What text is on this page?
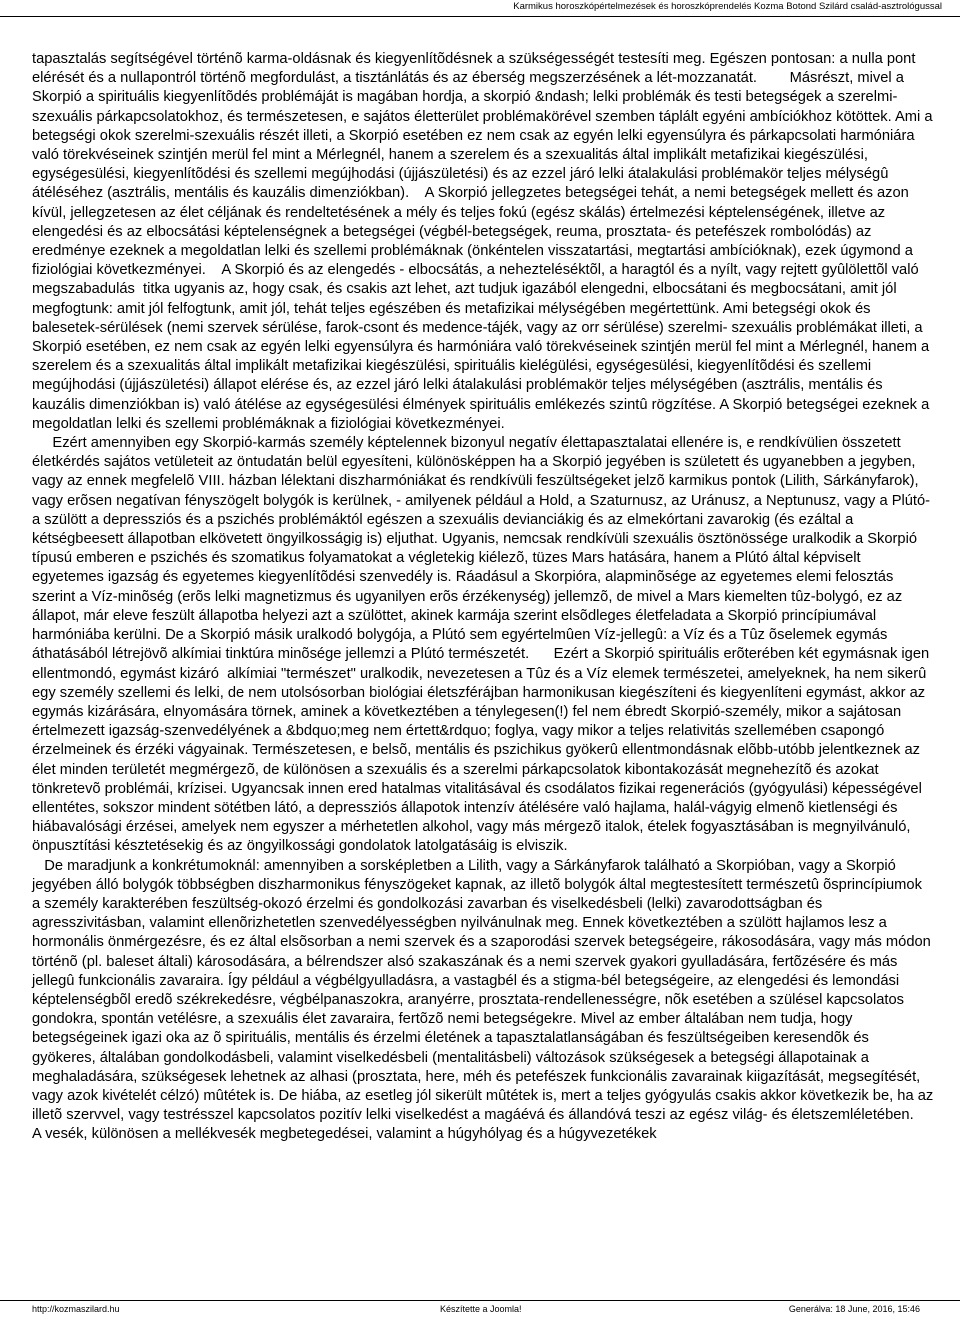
Karmikus horoszkópértelmezések és horoszkóprendelés Kozma Botond Szilárd család-asztrológussal

tapasztalás segítségével történõ karma-oldásnak és kiegyenlítõdésnek a szükségességét testesíti meg. Egészen pontosan: a nulla pont elérését és a nullapontról történõ megfordulást, a tisztánlátás és az éberség megszerzésének a lét-mozzanatát.        Másrészt, mivel a Skorpió a spirituális kiegyenlítõdés problémáját is magában hordja, a skorpió &ndash; lelki problémák és testi betegségek a szerelmi-szexuális párkapcsolatokhoz, és természetesen, e sajátos életterület problémakörével szemben táplált egyéni ambíciókhoz kötöttek. Ami a betegségi okok szerelmi-szexuális részét illeti, a Skorpió esetében ez nem csak az egyén lelki egyensúlyra és párkapcsolati harmóniára való törekvéseinek szintjén merül fel mint a Mérlegnél, hanem a szerelem és a szexualitás által implikált metafizikai kiegészülési, egységesülési, kiegyenlítõdési és szellemi megújhodási (újjászületési) és az ezzel járó lelki átalakulási problémakör teljes mélységû átéléséhez (asztrális, mentális és kauzális dimenziókban).    A Skorpió jellegzetes betegségei tehát, a nemi betegségek mellett és azon kívül, jellegzetesen az élet céljának és rendeltetésének a mély és teljes fokú (egész skálás) értelmezési képtelenségének, illetve az elengedési és az elbocsátási képtelenségnek a betegségei (végbél-betegségek, reuma, prosztata- és petefészek rombolódás) az eredménye ezeknek a megoldatlan lelki és szellemi problémáknak (önkéntelen visszatartási, megtartási ambícióknak), ezek úgymond a fiziológiai következményei.    A Skorpió és az elengedés - elbocsátás, a nehezteléséktõl, a haragtól és a nyílt, vagy rejtett gyûlölettõl való megszabadulás  titka ugyanis az, hogy csak, és csakis azt lehet, azt tudjuk igazából elengedni, elbocsátani és megbocsátani, amit jól megfogtunk: amit jól felfogtunk, amit jól, tehát teljes egészében és metafizikai mélységében megértettünk. Ami betegségi okok és balesetek-sérülések (nemi szervek sérülése, farok-csont és medence-tájék, vagy az orr sérülése) szerelmi- szexuális problémákat illeti, a Skorpió esetében, ez nem csak az egyén lelki egyensúlyra és harmóniára való törekvéseinek szintjén merül fel mint a Mérlegnél, hanem a szerelem és a szexualitás által implikált metafizikai kiegészülési, spirituális kielégülési, egységesülési, kiegyenlítõdési és szellemi megújhodási (újjászületési) állapot elérése és, az ezzel járó lelki átalakulási problémakör teljes mélységében (asztrális, mentális és kauzális dimenziókban is) való átélése az egységesülési élmények spirituális emlékezés szintû rögzítése. A Skorpió betegségei ezeknek a megoldatlan lelki és szellemi problémáknak a fiziológiai következményei.

Ezért amennyiben egy Skorpió-karmás személy képtelennek bizonyul negatív élettapasztalatai ellenére is, e rendkívülien összetett életkérdés sajátos vetületeit az öntudatán belül egyesíteni, különösképpen ha a Skorpió jegyében is született és ugyanebben a jegyben, vagy az ennek megfelelõ VIII. házban lélektani diszharmóniákat és rendkívüli feszültségeket jelzõ karmikus pontok (Lilith, Sárkányfarok), vagy erõsen negatívan fényszögelt bolygók is kerülnek, - amilyenek például a Hold, a Szaturnusz, az Uránusz, a Neptunusz, vagy a Plútó- a szülött a depressziós és a pszichés problémáktól egészen a szexuális devianciákig és az elmekórtani zavarokig (és ezáltal a kétségbeesett állapotban elkövetett öngyilkosságig is) eljuthat. Ugyanis, nemcsak rendkívüli szexuális ösztönössége uralkodik a Skorpió típusú emberen e pszichés és szomatikus folyamatokat a végletekig kiélezõ, tüzes Mars hatására, hanem a Plútó által képviselt egyetemes igazság és egyetemes kiegyenlítõdési szenvedély is. Ráadásul a Skorpióra, alapminõsége az egyetemes elemi felosztás szerint a Víz-minõség (erõs lelki magnetizmus és ugyanilyen erõs érzékenység) jellemzõ, de mivel a Mars kiemelten tûz-bolygó, ez az állapot, már eleve feszült állapotba helyezi azt a szülöttet, akinek karmája szerint elsõdleges életfeladata a Skorpió princípiumával harmóniába kerülni. De a Skorpió másik uralkodó bolygója, a Plútó sem egyértelmûen Víz-jellegû: a Víz és a Tûz õselemek egymás áthatásából létrejövõ alkímiai tinktúra minõsége jellemzi a Plútó természetét.      Ezért a Skorpió spirituális erõterében két egymásnak igen ellentmondó, egymást kizáró  alkímiai "természet" uralkodik, nevezetesen a Tûz és a Víz elemek természetei, amelyeknek, ha nem sikerû egy személy szellemi és lelki, de nem utolsósorban biológiai életszférájban harmonikusan kiegészíteni és kiegyenlíteni egymást, akkor az egymás kizárására, elnyomására törnek, aminek a következtében a ténylegesen(!) fel nem ébredt Skorpió-személy, mikor a sajátosan értelmezett igazság-szenvedélyének a &bdquo;meg nem értett&rdquo; foglya, vagy mikor a teljes relativitás szellemében csapongó érzelmeinek és érzéki vágyainak. Természetesen, e belsõ, mentális és pszichikus gyökerû ellentmondásnak elõbb-utóbb jelentkeznek az élet minden területét megmérgezõ, de különösen a szexuális és a szerelmi párkapcsolatok kibontakozását megnehezítõ és azokat tönkretevõ problémái, krízisei. Ugyancsak innen ered hatalmas vitalitásával és csodálatos fizikai regenerációs (gyógyulási) képességével ellentétes, sokszor mindent sötétben látó, a depressziós állapotok intenzív átélésére való hajlama, halál-vágyig elmenõ kietlenségi és hiábavalósági érzései, amelyek nem egyszer a mérhetetlen alkohol, vagy más mérgezõ italok, ételek fogyasztásában is megnyilvánuló, önpusztítási késztetésekig és az öngyilkossági gondolatok latolgatásáig is elviszik.

De maradjunk a konkrétumoknál: amennyiben a sorsképletben a Lilith, vagy a Sárkányfarok található a Skorpióban, vagy a Skorpió jegyében álló bolygók többségben diszharmonikus fényszögeket kapnak, az illetõ bolygók által megtestesített természetû õsprincípiumok a személy karakterében feszültség-okozó érzelmi és gondolkozási zavarban és viselkedésbeli (lelki) zavarodottságban és agresszivitásban, valamint ellenõrizhetetlen szenvedélyességben nyilvánulnak meg. Ennek következtében a szülött hajlamos lesz a hormonális önmérgezésre, és ez által elsõsorban a nemi szervek és a szaporodási szervek betegségeire, rákosodására, vagy más módon történõ (pl. baleset általi) károsodására, a bélrendszer alsó szakaszának és a nemi szervek gyakori gyulladására, fertõzésére és más jellegû funkcionális zavaraira. Így például a végbélgyulladásra, a vastagbél és a stigma-bél betegségeire, az elengedési és lemondási képtelenségbõl eredõ székrekedésre, végbélpanaszokra, aranyérre, prosztata-rendellenességre, nõk esetében a szülésel kapcsolatos gondokra, spontán vetélésre, a szexuális élet zavaraira, fertõzõ nemi betegségekre. Mivel az ember általában nem tudja, hogy betegségeinek igazi oka az õ spirituális, mentális és érzelmi életének a tapasztalatlanságában és feszültségeiben keresendõk és gyökeres, általában gondolkodásbeli, valamint viselkedésbeli (mentalitásbeli) változások szükségesek a betegségi állapotainak a meghaladására, szükségesek lehetnek az alhasi (prosztata, here, méh és petefészek funkcionális zavarainak kiigazítását, megsegítését, vagy azok kivételét célzó) mûtétek is. De hiába, az esetleg jól sikerült mûtétek is, mert a teljes gyógyulás csakis akkor következik be, ha az illetõ szervvel, vagy testrésszel kapcsolatos pozitív lelki viselkedést a magáévá és állandóvá teszi az egész világ- és életszemléletében.     A vesék, különösen a mellékvesék megbetegedései, valamint a húgyhólyag és a húgyvezetékek

http://kozmaszilard.hu	Készítette a Joomla!	Generálva: 18 June, 2016, 15:46
